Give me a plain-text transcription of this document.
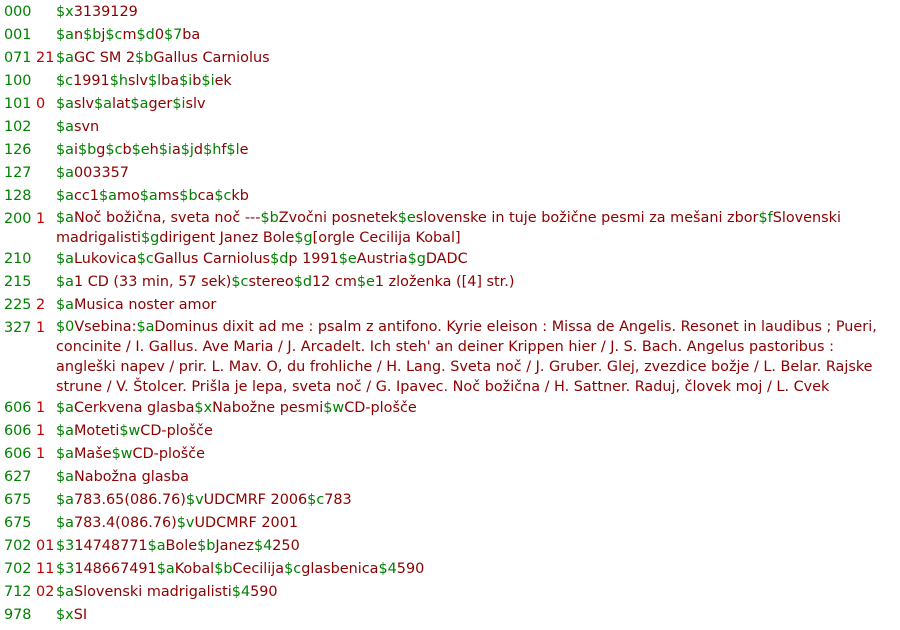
000 $x3139129
001 $an$bj$cm$d0$7ba
071 21 $aGC SM 2$bGallus Carniolus
100 $c1991$hslv$lba$ib$iek
101 0 $aslv$alat$ager$islv
102 $asvn
126 $ai$bg$cb$eh$ia$jd$hf$le
127 $a003357
128 $acc1$amo$ams$bca$ckb
200 1 $aNoč božična, sveta noč ---$bZvočni posnetek$eslovenske in tuje božične pesmi za mešani zbor$fSlovenski madrigalisti$gdirigent Janez Bole$g[orgle Cecilija Kobal]
210 $aLukovica$cGallus Carniolus$dp 1991$eAustria$gDADC
215 $a1 CD (33 min, 57 sek)$cstereo$d12 cm$e1 zloženka ([4] str.)
225 2 $aMusica noster amor
327 1 $0Vsebina:$aDominus dixit ad me : psalm z antifono. Kyrie eleison : Missa de Angelis. Resonet in laudibus ; Pueri, concinite / I. Gallus. Ave Maria / J. Arcadelt. Ich steh' an deiner Krippen hier / J. S. Bach. Angelus pastoribus : angleški napev / prir. L. Mav. O, du frohliche / H. Lang. Sveta noč / J. Gruber. Glej, zvezdice božje / L. Belar. Rajske strune / V. Štolcer. Prišla je lepa, sveta noč / G. Ipavec. Noč božična / H. Sattner. Raduj, človek moj / L. Cvek
606 1 $aCerkvena glasba$xNabožne pesmi$wCD-plošče
606 1 $aMoteti$wCD-plošče
606 1 $aMaše$wCD-plošče
627 $aNabožna glasba
675 $a783.65(086.76)$vUDCMRF 2006$c783
675 $a783.4(086.76)$vUDCMRF 2001
702 01 $314748771$aBole$bJanez$4250
702 11 $3148667491$aKobal$bCecilija$cglasbenica$4590
712 02 $aSlovenski madrigalisti$4590
978 $xSI
